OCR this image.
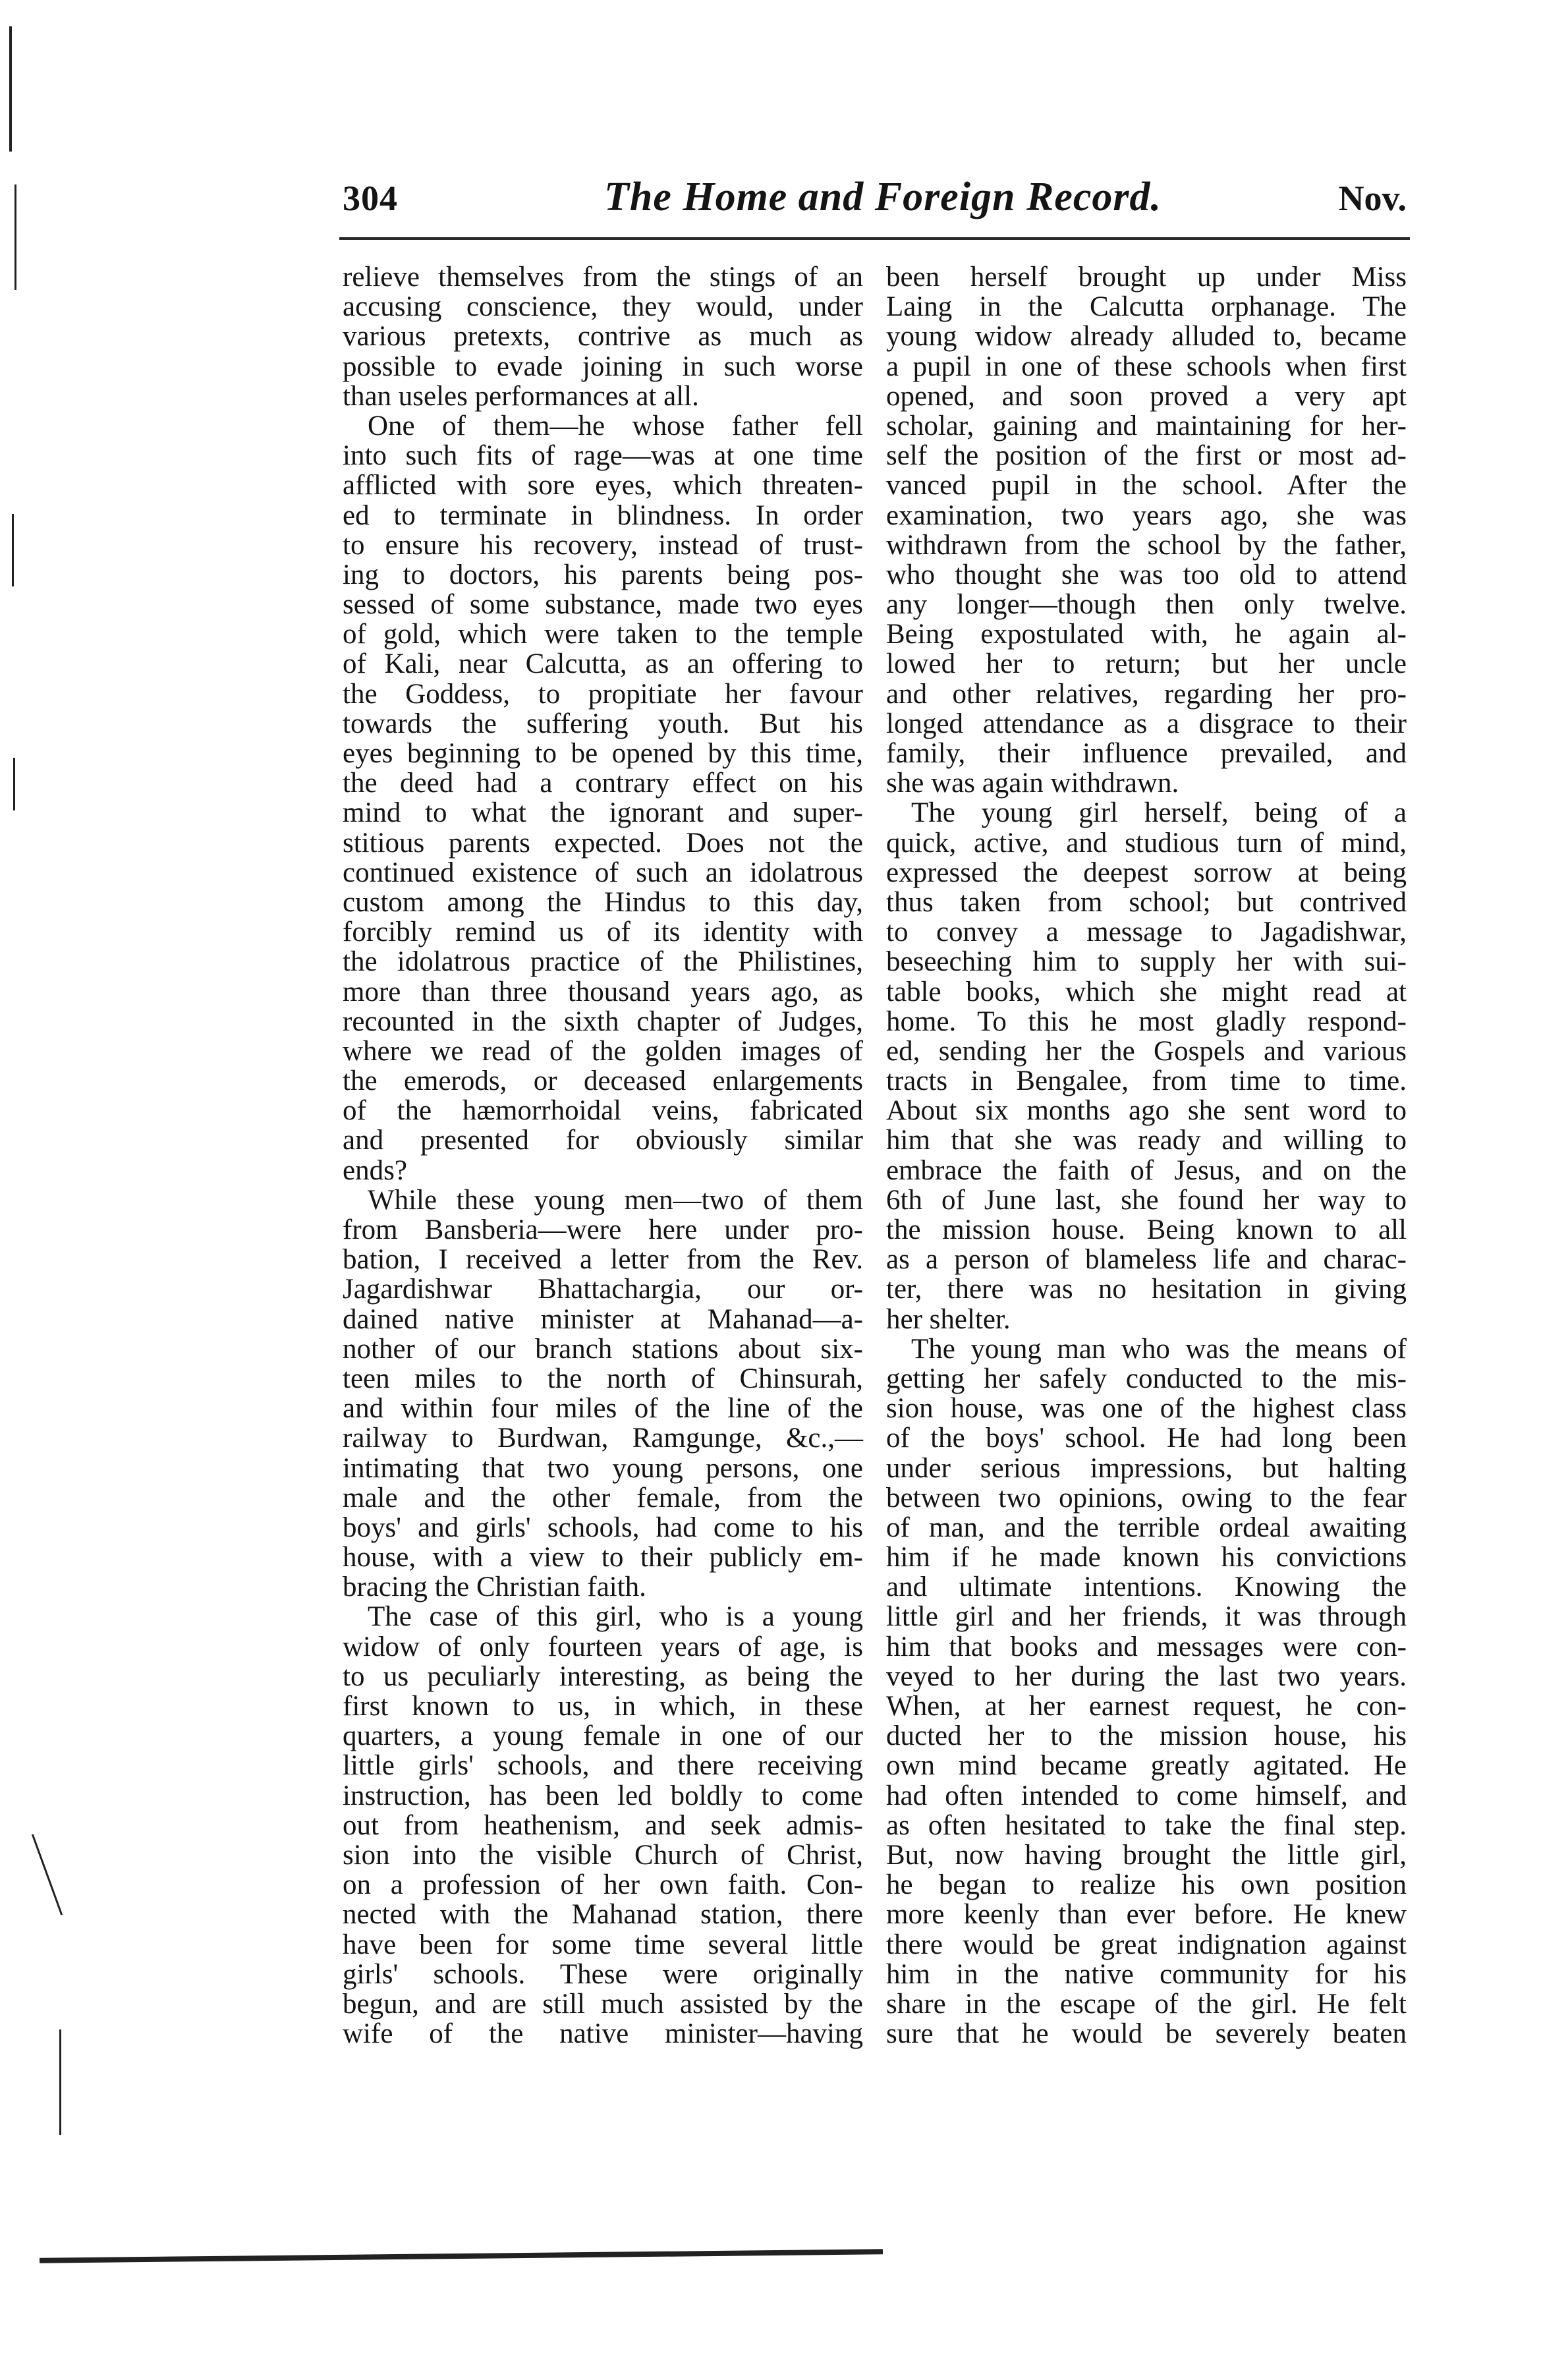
304	The Home and Foreign Record.	Nov.
relieve themselves from the stings of an
accusing conscience, they would, under
various pretexts, contrive as much as
possible to evade joining in such worse
than useles performances at all.
One of them—he whose father fell
into such fits of rage—was at one time
afflicted with sore eyes, which threaten-
ed to terminate in blindness. In order
to ensure his recovery, instead of trust-
ing to doctors, his parents being pos-
sessed of some substance, made two eyes
of gold, which were taken to the temple
of Kali, near Calcutta, as an offering to
the Goddess, to propitiate her favour
towards the suffering youth. But his
eyes beginning to be opened by this time,
the deed had a contrary effect on his
mind to what the ignorant and super-
stitious parents expected. Does not the
continued existence of such an idolatrous
custom among the Hindus to this day,
forcibly remind us of its identity with
the idolatrous practice of the Philistines,
more than three thousand years ago, as
recounted in the sixth chapter of Judges,
where we read of the golden images of
the emerods, or deceased enlargements
of the hæmorrhoidal veins, fabricated
and presented for obviously similar
ends?
While these young men—two of them
from Bansberia—were here under pro-
bation, I received a letter from the Rev.
Jagardishwar Bhattachargia, our or-
dained native minister at Mahanad—a-
nother of our branch stations about six-
teen miles to the north of Chinsurah,
and within four miles of the line of the
railway to Burdwan, Ramgunge, &c.,—
intimating that two young persons, one
male and the other female, from the
boys' and girls' schools, had come to his
house, with a view to their publicly em-
bracing the Christian faith.
The case of this girl, who is a young
widow of only fourteen years of age, is
to us peculiarly interesting, as being the
first known to us, in which, in these
quarters, a young female in one of our
little girls' schools, and there receiving
instruction, has been led boldly to come
out from heathenism, and seek admis-
sion into the visible Church of Christ,
on a profession of her own faith. Con-
nected with the Mahanad station, there
have been for some time several little
girls' schools. These were originally
begun, and are still much assisted by the
wife of the native minister—having
been herself brought up under Miss
Laing in the Calcutta orphanage. The
young widow already alluded to, became
a pupil in one of these schools when first
opened, and soon proved a very apt
scholar, gaining and maintaining for her-
self the position of the first or most ad-
vanced pupil in the school. After the
examination, two years ago, she was
withdrawn from the school by the father,
who thought she was too old to attend
any longer—though then only twelve.
Being expostulated with, he again al-
lowed her to return; but her uncle
and other relatives, regarding her pro-
longed attendance as a disgrace to their
family, their influence prevailed, and
she was again withdrawn.
The young girl herself, being of a
quick, active, and studious turn of mind,
expressed the deepest sorrow at being
thus taken from school; but contrived
to convey a message to Jagadishwar,
beseeching him to supply her with sui-
table books, which she might read at
home. To this he most gladly respond-
ed, sending her the Gospels and various
tracts in Bengalee, from time to time.
About six months ago she sent word to
him that she was ready and willing to
embrace the faith of Jesus, and on the
6th of June last, she found her way to
the mission house. Being known to all
as a person of blameless life and charac-
ter, there was no hesitation in giving
her shelter.
The young man who was the means of
getting her safely conducted to the mis-
sion house, was one of the highest class
of the boys' school. He had long been
under serious impressions, but halting
between two opinions, owing to the fear
of man, and the terrible ordeal awaiting
him if he made known his convictions
and ultimate intentions. Knowing the
little girl and her friends, it was through
him that books and messages were con-
veyed to her during the last two years.
When, at her earnest request, he con-
ducted her to the mission house, his
own mind became greatly agitated. He
had often intended to come himself, and
as often hesitated to take the final step.
But, now having brought the little girl,
he began to realize his own position
more keenly than ever before. He knew
there would be great indignation against
him in the native community for his
share in the escape of the girl. He felt
sure that he would be severely beaten
